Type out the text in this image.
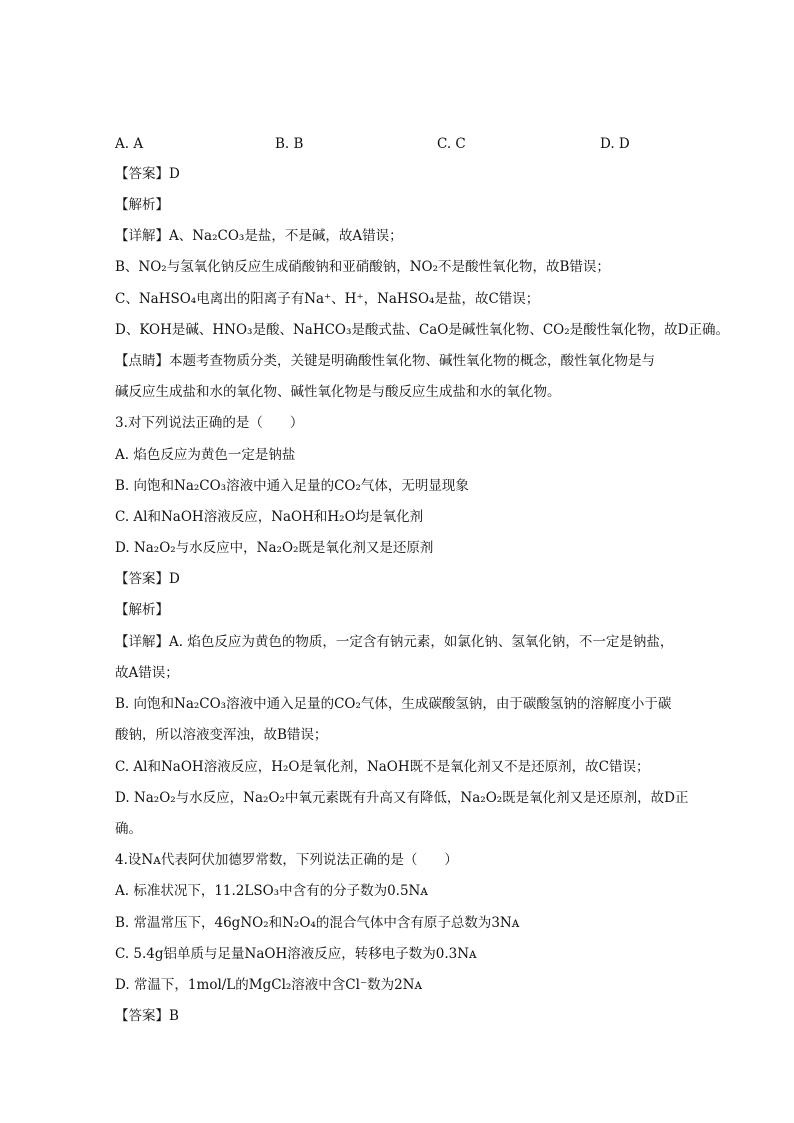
A. A	B. B	C. C	D. D
【答案】D
【解析】
【详解】A、Na₂CO₃是盐，不是碱，故A错误；
B、NO₂与氢氧化钠反应生成硝酸钠和亚硝酸钠，NO₂不是酸性氧化物，故B错误；
C、NaHSO₄电离出的阳离子有Na⁺、H⁺，NaHSO₄是盐，故C错误；
D、KOH是碱、HNO₃是酸、NaHCO₃是酸式盐、CaO是碱性氧化物、CO₂是酸性氧化物，故D正确。
【点睛】本题考查物质分类，关键是明确酸性氧化物、碱性氧化物的概念，酸性氧化物是与
碱反应生成盐和水的氧化物、碱性氧化物是与酸反应生成盐和水的氧化物。
3.对下列说法正确的是（　　）
A. 焰色反应为黄色一定是钠盐
B. 向饱和Na₂CO₃溶液中通入足量的CO₂气体，无明显现象
C. Al和NaOH溶液反应，NaOH和H₂O均是氧化剂
D. Na₂O₂与水反应中，Na₂O₂既是氧化剂又是还原剂
【答案】D
【解析】
【详解】A. 焰色反应为黄色的物质，一定含有钠元素，如氯化钠、氢氧化钠，不一定是钠盐，
故A错误；
B. 向饱和Na₂CO₃溶液中通入足量的CO₂气体，生成碳酸氢钠，由于碳酸氢钠的溶解度小于碳
酸钠，所以溶液变浑浊，故B错误；
C. Al和NaOH溶液反应，H₂O是氧化剂，NaOH既不是氧化剂又不是还原剂，故C错误；
D. Na₂O₂与水反应，Na₂O₂中氧元素既有升高又有降低，Na₂O₂既是氧化剂又是还原剂，故D正
确。
4.设Nᴀ代表阿伏加德罗常数，下列说法正确的是（　　）
A. 标准状况下，11.2LSO₃中含有的分子数为0.5Nᴀ
B. 常温常压下，46gNO₂和N₂O₄的混合气体中含有原子总数为3Nᴀ
C. 5.4g铝单质与足量NaOH溶液反应，转移电子数为0.3Nᴀ
D. 常温下，1mol/L的MgCl₂溶液中含Cl⁻数为2Nᴀ
【答案】B
